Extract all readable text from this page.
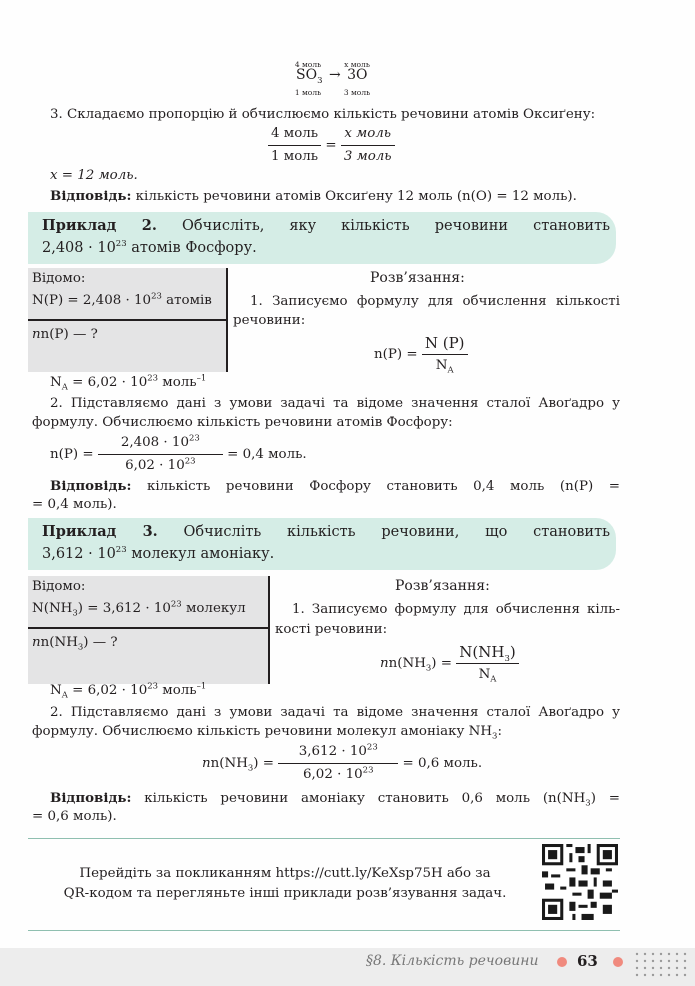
4 моль	x моль
$SO_3 \to 3O$
1 моль	3 моль
3. Складаємо пропорцію й обчислюємо кількість речовини атомів Оксиґену:
$\frac{\text{4 моль}}{\text{1 моль}} = \frac{\text{x моль}}{\text{3 моль}}$
x = 12 моль.
Відповідь: кількість речовини атомів Оксиґену 12 моль (n(O) = 12 моль).
Приклад 2. Обчисліть, яку кількість речовини становить
$2,408 \cdot 10^{23}$ атомів Фосфору.
Відомо:
$N(P) = 2,408 \cdot 10^{23}$ атомів
nn(P) — ?
$N_A = 6,02 \cdot 10^{23}$ моль$^{-1}$
Розв’язання:
1. Записуємо формулу для обчислення кількості
речовини:
$n(P) = \frac{N (P)}{N_A}$
2. Підставляємо дані з умови задачі та відоме значення сталої Авоґадро у
формулу. Обчислюємо кількість речовини атомів Фосфору:
$n(P) = \frac{2,408 \cdot 10^{23}}{6,02 \cdot 10^{23}} = 0,4$ моль.
Відповідь: кількість речовини Фосфору становить 0,4 моль (n(P) =
= 0,4 моль).
Приклад 3. Обчисліть кількість речовини, що становить
$3,612 \cdot 10^{23}$ молекул амоніаку.
Відомо:
$N(NH_3) = 3,612 \cdot 10^{23}$ молекул
$nn(NH_3)$ — ?
$N_A = 6,02 \cdot 10^{23}$ моль$^{-1}$
Розв’язання:
1. Записуємо формулу для обчислення кіль-
кості речовини:
$nn(NH_3) = \frac{N(NH_3)}{N_A}$
2. Підставляємо дані з умови задачі та відоме значення сталої Авоґадро у
формулу. Обчислюємо кількість речовини молекул амоніаку $NH_3$:
$nn(NH_3) = \frac{3,612 \cdot 10^{23}}{6,02 \cdot 10^{23}} = 0,6$ моль.
Відповідь: кількість речовини амоніаку становить 0,6 моль ($n(NH_3)$ =
= 0,6 моль).
Перейдіть за покликанням https://cutt.ly/KeXsp75H або за
QR-кодом та перегляньте інші приклади розв’язування задач.
§8. Кількість речовини	63
